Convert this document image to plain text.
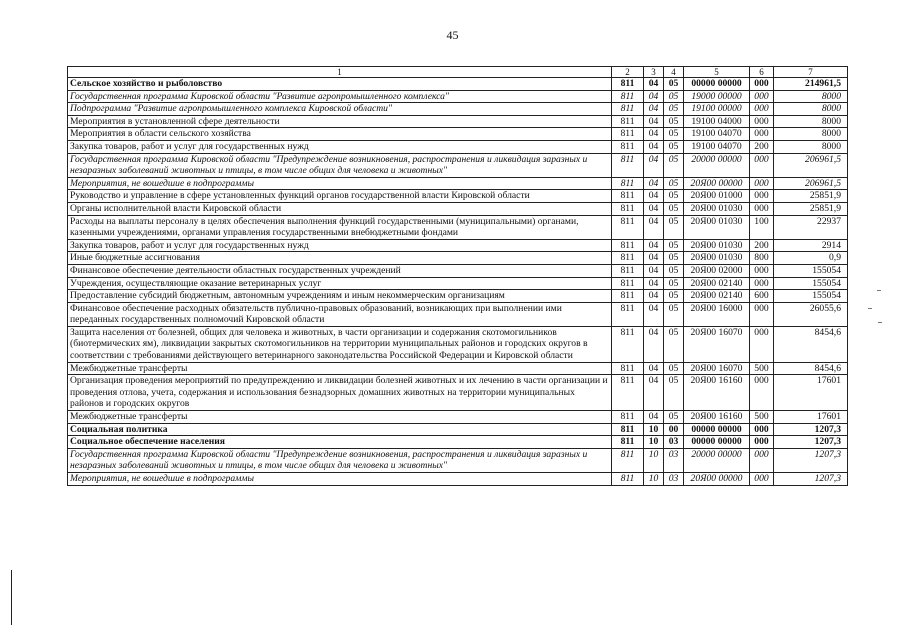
45
1	2	3	4	5	6	7
Сельское хозяйство и рыболовство	811	04	05	00000 00000	000	214961,5
Государственная программа Кировской области "Развитие агропромышленного комплекса"	811	04	05	19000 00000	000	8000
Подпрограмма "Развитие агропромышленного комплекса Кировской области"	811	04	05	19100 00000	000	8000
Мероприятия в установленной сфере деятельности	811	04	05	19100 04000	000	8000
Мероприятия в области сельского хозяйства	811	04	05	19100 04070	000	8000
Закупка товаров, работ и услуг для государственных нужд	811	04	05	19100 04070	200	8000
Государственная программа Кировской области "Предупреждение возникновения, распространения и ликвидация заразных и незаразных заболеваний животных и птицы, в том числе общих для человека и животных"	811	04	05	20000 00000	000	206961,5
Мероприятия, не вошедшие в подпрограммы	811	04	05	20Я00 00000	000	206961,5
Руководство и управление в сфере установленных функций органов государственной власти Кировской области	811	04	05	20Я00 01000	000	25851,9
Органы исполнительной власти Кировской области	811	04	05	20Я00 01030	000	25851,9
Расходы на выплаты персоналу в целях обеспечения выполнения функций государственными (муниципальными) органами, казенными учреждениями, органами управления государственными внебюджетными фондами	811	04	05	20Я00 01030	100	22937
Закупка товаров, работ и услуг для государственных нужд	811	04	05	20Я00 01030	200	2914
Иные бюджетные ассигнования	811	04	05	20Я00 01030	800	0,9
Финансовое обеспечение деятельности областных государственных учреждений	811	04	05	20Я00 02000	000	155054
Учреждения, осуществляющие оказание ветеринарных услуг	811	04	05	20Я00 02140	000	155054
Предоставление субсидий бюджетным, автономным учреждениям и иным некоммерческим организациям	811	04	05	20Я00 02140	600	155054
Финансовое обеспечение расходных обязательств публично-правовых образований, возникающих при выполнении ими переданных государственных полномочий Кировской области	811	04	05	20Я00 16000	000	26055,6
Защита населения от болезней, общих для человека и животных, в части организации и содержания скотомогильников (биотермических ям), ликвидации закрытых скотомогильников на территории муниципальных районов и городских округов в соответствии с требованиями действующего ветеринарного законодательства Российской Федерации и Кировской области	811	04	05	20Я00 16070	000	8454,6
Межбюджетные трансферты	811	04	05	20Я00 16070	500	8454,6
Организация проведения мероприятий по предупреждению и ликвидации болезней животных и их лечению в части организации и проведения отлова, учета, содержания и использования безнадзорных домашних животных на территории муниципальных районов и городских округов	811	04	05	20Я00 16160	000	17601
Межбюджетные трансферты	811	04	05	20Я00 16160	500	17601
Социальная политика	811	10	00	00000 00000	000	1207,3
Социальное обеспечение населения	811	10	03	00000 00000	000	1207,3
Государственная программа Кировской области "Предупреждение возникновения, распространения и ликвидация заразных и незаразных заболеваний животных и птицы, в том числе общих для человека и животных"	811	10	03	20000 00000	000	1207,3
Мероприятия, не вошедшие в подпрограммы	811	10	03	20Я00 00000	000	1207,3
